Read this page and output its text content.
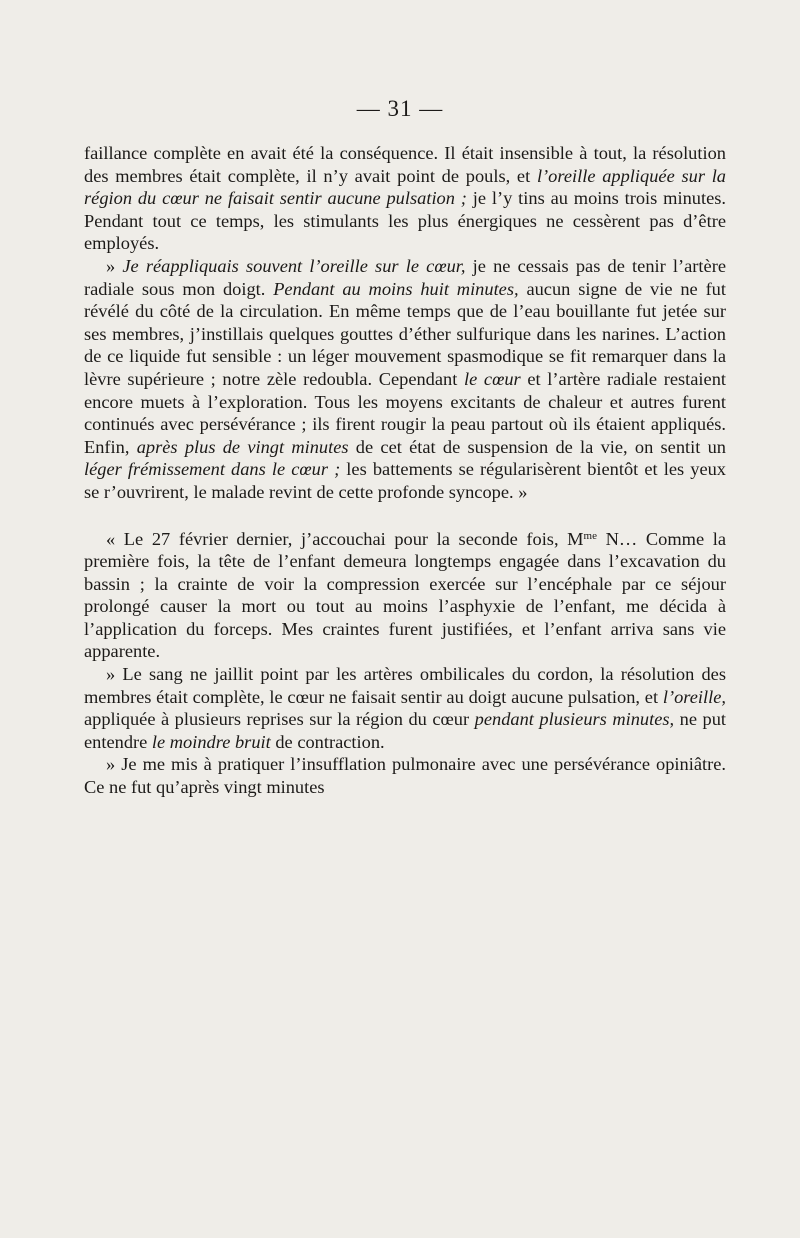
— 31 —

faillance complète en avait été la conséquence. Il était insensible à tout, la résolution des membres était complète, il n’y avait point de pouls, et l’oreille appliquée sur la région du cœur ne faisait sentir aucune pulsation ; je l’y tins au moins trois minutes. Pendant tout ce temps, les stimulants les plus énergiques ne cessèrent pas d’être employés.

» Je réappliquais souvent l’oreille sur le cœur, je ne cessais pas de tenir l’artère radiale sous mon doigt. Pendant au moins huit minutes, aucun signe de vie ne fut révélé du côté de la circulation. En même temps que de l’eau bouillante fut jetée sur ses membres, j’instillais quelques gouttes d’éther sulfurique dans les narines. L’action de ce liquide fut sensible : un léger mouvement spasmodique se fit remarquer dans la lèvre supérieure ; notre zèle redoubla. Cependant le cœur et l’artère radiale restaient encore muets à l’exploration. Tous les moyens excitants de chaleur et autres furent continués avec persévérance ; ils firent rougir la peau partout où ils étaient appliqués. Enfin, après plus de vingt minutes de cet état de suspension de la vie, on sentit un léger frémissement dans le cœur ; les battements se régularisèrent bientôt et les yeux se r’ouvrirent, le malade revint de cette profonde syncope. »

« Le 27 février dernier, j’accouchai pour la seconde fois, $M^{me}$ N… Comme la première fois, la tête de l’enfant demeura longtemps engagée dans l’excavation du bassin ; la crainte de voir la compression exercée sur l’encéphale par ce séjour prolongé causer la mort ou tout au moins l’asphyxie de l’enfant, me décida à l’application du forceps. Mes craintes furent justifiées, et l’enfant arriva sans vie apparente.

» Le sang ne jaillit point par les artères ombilicales du cordon, la résolution des membres était complète, le cœur ne faisait sentir au doigt aucune pulsation, et l’oreille, appliquée à plusieurs reprises sur la région du cœur pendant plusieurs minutes, ne put entendre le moindre bruit de contraction.

» Je me mis à pratiquer l’insufflation pulmonaire avec une persévérance opiniâtre. Ce ne fut qu’après vingt minutes
